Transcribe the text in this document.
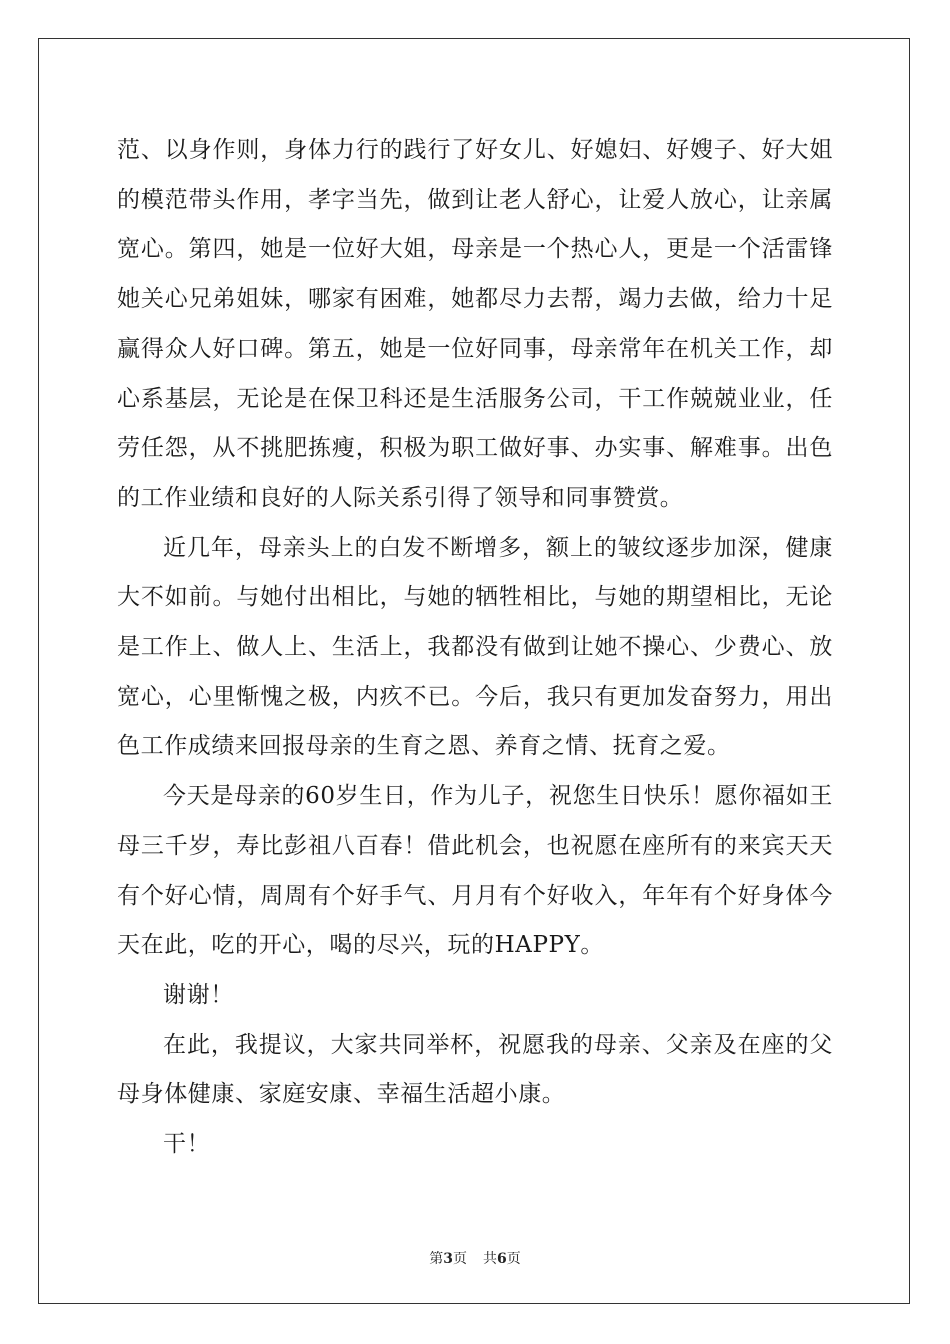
范、以身作则，身体力行的践行了好女儿、好媳妇、好嫂子、好大姐的模范带头作用，孝字当先，做到让老人舒心，让爱人放心，让亲属宽心。第四，她是一位好大姐，母亲是一个热心人，更是一个活雷锋她关心兄弟姐妹，哪家有困难，她都尽力去帮，竭力去做，给力十足赢得众人好口碑。第五，她是一位好同事，母亲常年在机关工作，却心系基层，无论是在保卫科还是生活服务公司，干工作兢兢业业，任劳任怨，从不挑肥拣瘦，积极为职工做好事、办实事、解难事。出色的工作业绩和良好的人际关系引得了领导和同事赞赏。

近几年，母亲头上的白发不断增多，额上的皱纹逐步加深，健康大不如前。与她付出相比，与她的牺牲相比，与她的期望相比，无论是工作上、做人上、生活上，我都没有做到让她不操心、少费心、放宽心，心里惭愧之极，内疚不已。今后，我只有更加发奋努力，用出色工作成绩来回报母亲的生育之恩、养育之情、抚育之爱。

今天是母亲的60岁生日，作为儿子，祝您生日快乐！愿你福如王母三千岁，寿比彭祖八百春！借此机会，也祝愿在座所有的来宾天天有个好心情，周周有个好手气、月月有个好收入，年年有个好身体今天在此，吃的开心，喝的尽兴，玩的HAPPY。

谢谢！

在此，我提议，大家共同举杯，祝愿我的母亲、父亲及在座的父母身体健康、家庭安康、幸福生活超小康。

干！

第3页 共6页
